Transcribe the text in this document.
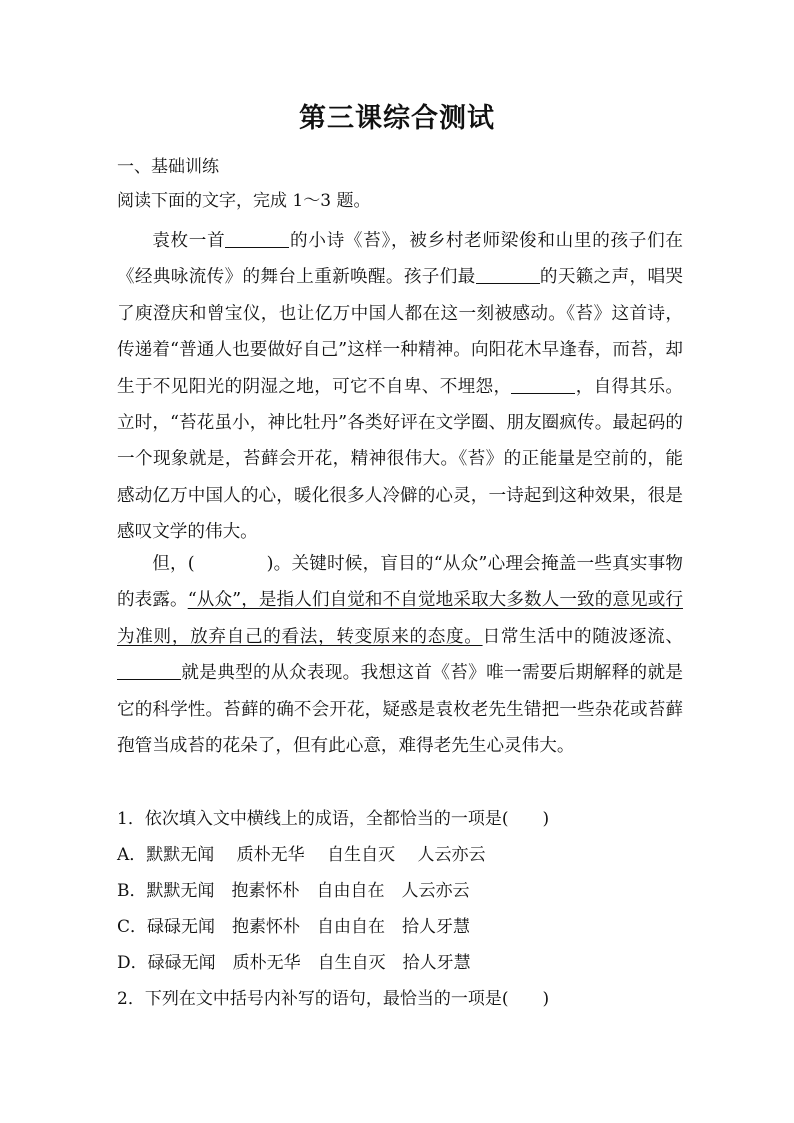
第三课综合测试
一、基础训练
阅读下面的文字，完成 1～3 题。
袁枚一首	的小诗《苔》，被乡村老师梁俊和山里的孩子们在《经典咏流传》的舞台上重新唤醒。孩子们最	的天籁之声，唱哭了庾澄庆和曾宝仪，也让亿万中国人都在这一刻被感动。《苔》这首诗，传递着“普通人也要做好自己”这样一种精神。向阳花木早逢春，而苔，却生于不见阳光的阴湿之地，可它不自卑、不埋怨，	，自得其乐。立时，“苔花虽小，神比牡丹”各类好评在文学圈、朋友圈疯传。最起码的一个现象就是，苔藓会开花，精神很伟大。《苔》的正能量是空前的，能感动亿万中国人的心，暖化很多人冷僻的心灵，一诗起到这种效果，很是感叹文学的伟大。
但，(	)。关键时候，盲目的“从众”心理会掩盖一些真实事物的表露。“从众”，是指人们自觉和不自觉地采取大多数人一致的意见或行为准则，放弃自己的看法，转变原来的态度。日常生活中的随波逐流、就是典型的从众表现。我想这首《苔》唯一需要后期解释的就是它的科学性。苔藓的确不会开花，疑惑是袁枚老先生错把一些杂花或苔藓孢管当成苔的花朵了，但有此心意，难得老先生心灵伟大。
1．依次填入文中横线上的成语，全都恰当的一项是(　　)
A．默默无闻　 质朴无华　 自生自灭　 人云亦云
B．默默无闻　抱素怀朴　自由自在　人云亦云
C．碌碌无闻　抱素怀朴　自由自在　拾人牙慧
D．碌碌无闻　质朴无华　自生自灭　拾人牙慧
2．下列在文中括号内补写的语句，最恰当的一项是(　　)
